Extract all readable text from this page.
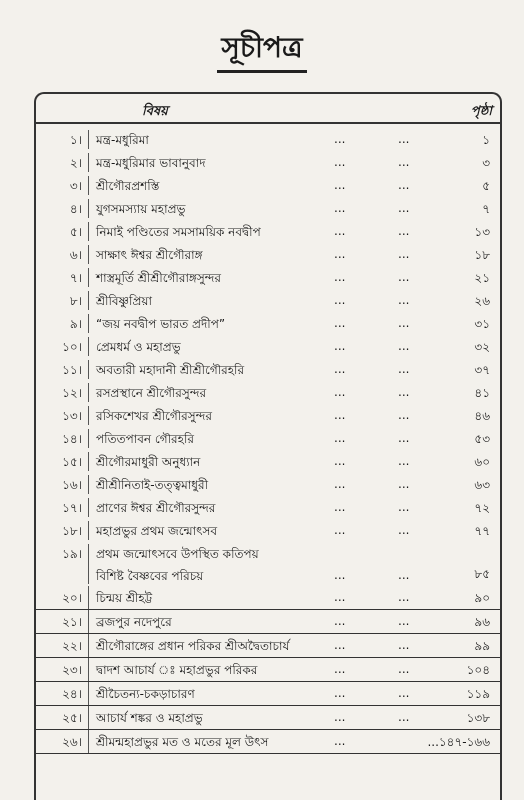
সূচীপত্র
বিষয়	পৃষ্ঠা
১। মন্ত্র-মধুরিমা	...	...	১
২। মন্ত্র-মধুরিমার ভাবানুবাদ	...	...	৩
৩। শ্রীগৌরপ্রশস্তি	...	...	৫
৪। যুগসমস্যায় মহাপ্রভু	...	...	৭
৫। নিমাই পণ্ডিতের সমসাময়িক নবদ্বীপ	...	...	১৩
৬। সাক্ষাৎ ঈশ্বর শ্রীগৌরাঙ্গ	...	...	১৮
৭। শাস্ত্রমূর্তি শ্রীশ্রীগৌরাঙ্গসুন্দর	...	...	২১
৮। শ্রীবিষ্ণুপ্রিয়া	...	...	২৬
৯। “জয় নবদ্বীপ ভারত প্রদীপ”	...	...	৩১
১০। প্রেমধর্ম ও মহাপ্রভু	...	...	৩২
১১। অবতারী মহাদানী শ্রীশ্রীগৌরহরি	...	...	৩৭
১২। রসপ্রস্থানে শ্রীগৌরসুন্দর	...	...	৪১
১৩। রসিকশেখর শ্রীগৌরসুন্দর	...	...	৪৬
১৪। পতিতপাবন গৌরহরি	...	...	৫৩
১৫। শ্রীগৌরমাধুরী অনুধ্যান	...	...	৬০
১৬। শ্রীশ্রীনিতাই-তত্ত্বমাধুরী	...	...	৬৩
১৭। প্রাণের ঈশ্বর শ্রীগৌরসুন্দর	...	...	৭২
১৮। মহাপ্রভুর প্রথম জন্মোৎসব	...	...	৭৭
১৯। প্রথম জন্মোৎসবে উপস্থিত কতিপয়
বিশিষ্ট বৈষ্ণবের পরিচয়	...	...	৮৫
২০। চিন্ময় শ্রীহট্ট	...	...	৯০
২১। ব্রজপুর নদেপুরে	...	...	৯৬
২২। শ্রীগৌরাঙ্গের প্রধান পরিকর শ্রীঅদ্বৈতাচার্য	...	...	৯৯
২৩। দ্বাদশ আচার্য ঃ মহাপ্রভুর পরিকর	...	...	১০৪
২৪। শ্রীচৈতন্য-চকড়াচারণ	...	...	১১৯
২৫। আচার্য শঙ্কর ও মহাপ্রভু	...	...	১৩৮
২৬। শ্রীমন্মহাপ্রভুর মত ও মতের মূল উৎস	...	...১৪৭-১৬৬
